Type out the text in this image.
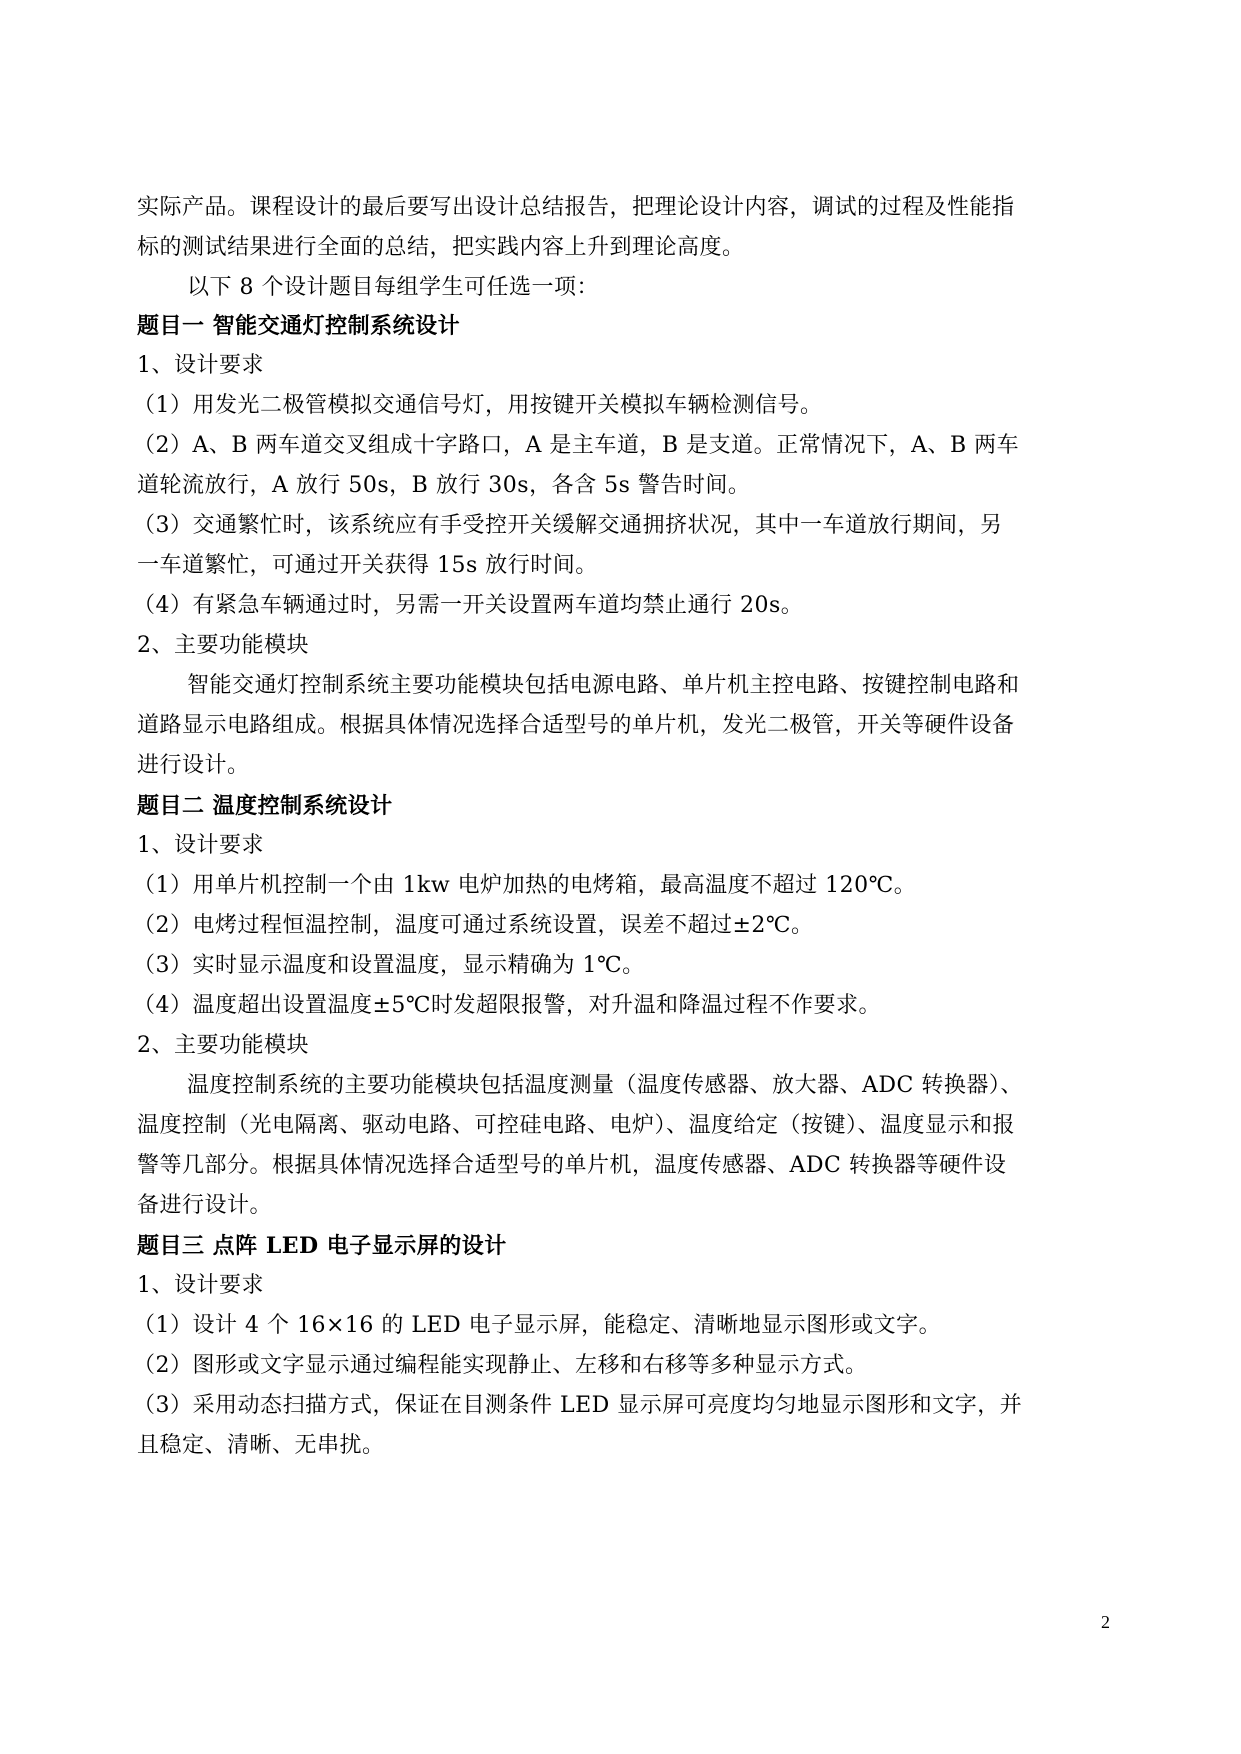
实际产品。课程设计的最后要写出设计总结报告，把理论设计内容，调试的过程及性能指
标的测试结果进行全面的总结，把实践内容上升到理论高度。
以下 8 个设计题目每组学生可任选一项：
题目一 智能交通灯控制系统设计
1、设计要求
（1）用发光二极管模拟交通信号灯，用按键开关模拟车辆检测信号。
（2）A、B 两车道交叉组成十字路口，A 是主车道，B 是支道。正常情况下，A、B 两车
道轮流放行，A 放行 50s，B 放行 30s，各含 5s 警告时间。
（3）交通繁忙时，该系统应有手受控开关缓解交通拥挤状况，其中一车道放行期间，另
一车道繁忙，可通过开关获得 15s 放行时间。
（4）有紧急车辆通过时，另需一开关设置两车道均禁止通行 20s。
2、主要功能模块
智能交通灯控制系统主要功能模块包括电源电路、单片机主控电路、按键控制电路和
道路显示电路组成。根据具体情况选择合适型号的单片机，发光二极管，开关等硬件设备
进行设计。
题目二 温度控制系统设计
1、设计要求
（1）用单片机控制一个由 1kw 电炉加热的电烤箱，最高温度不超过 120℃。
（2）电烤过程恒温控制，温度可通过系统设置，误差不超过±2℃。
（3）实时显示温度和设置温度，显示精确为 1℃。
（4）温度超出设置温度±5℃时发超限报警，对升温和降温过程不作要求。
2、主要功能模块
温度控制系统的主要功能模块包括温度测量（温度传感器、放大器、ADC 转换器）、
温度控制（光电隔离、驱动电路、可控硅电路、电炉）、温度给定（按键）、温度显示和报
警等几部分。根据具体情况选择合适型号的单片机，温度传感器、ADC 转换器等硬件设
备进行设计。
题目三 点阵 LED 电子显示屏的设计
1、设计要求
（1）设计 4 个 16×16 的 LED 电子显示屏，能稳定、清晰地显示图形或文字。
（2）图形或文字显示通过编程能实现静止、左移和右移等多种显示方式。
（3）采用动态扫描方式，保证在目测条件 LED 显示屏可亮度均匀地显示图形和文字，并
且稳定、清晰、无串扰。
2
